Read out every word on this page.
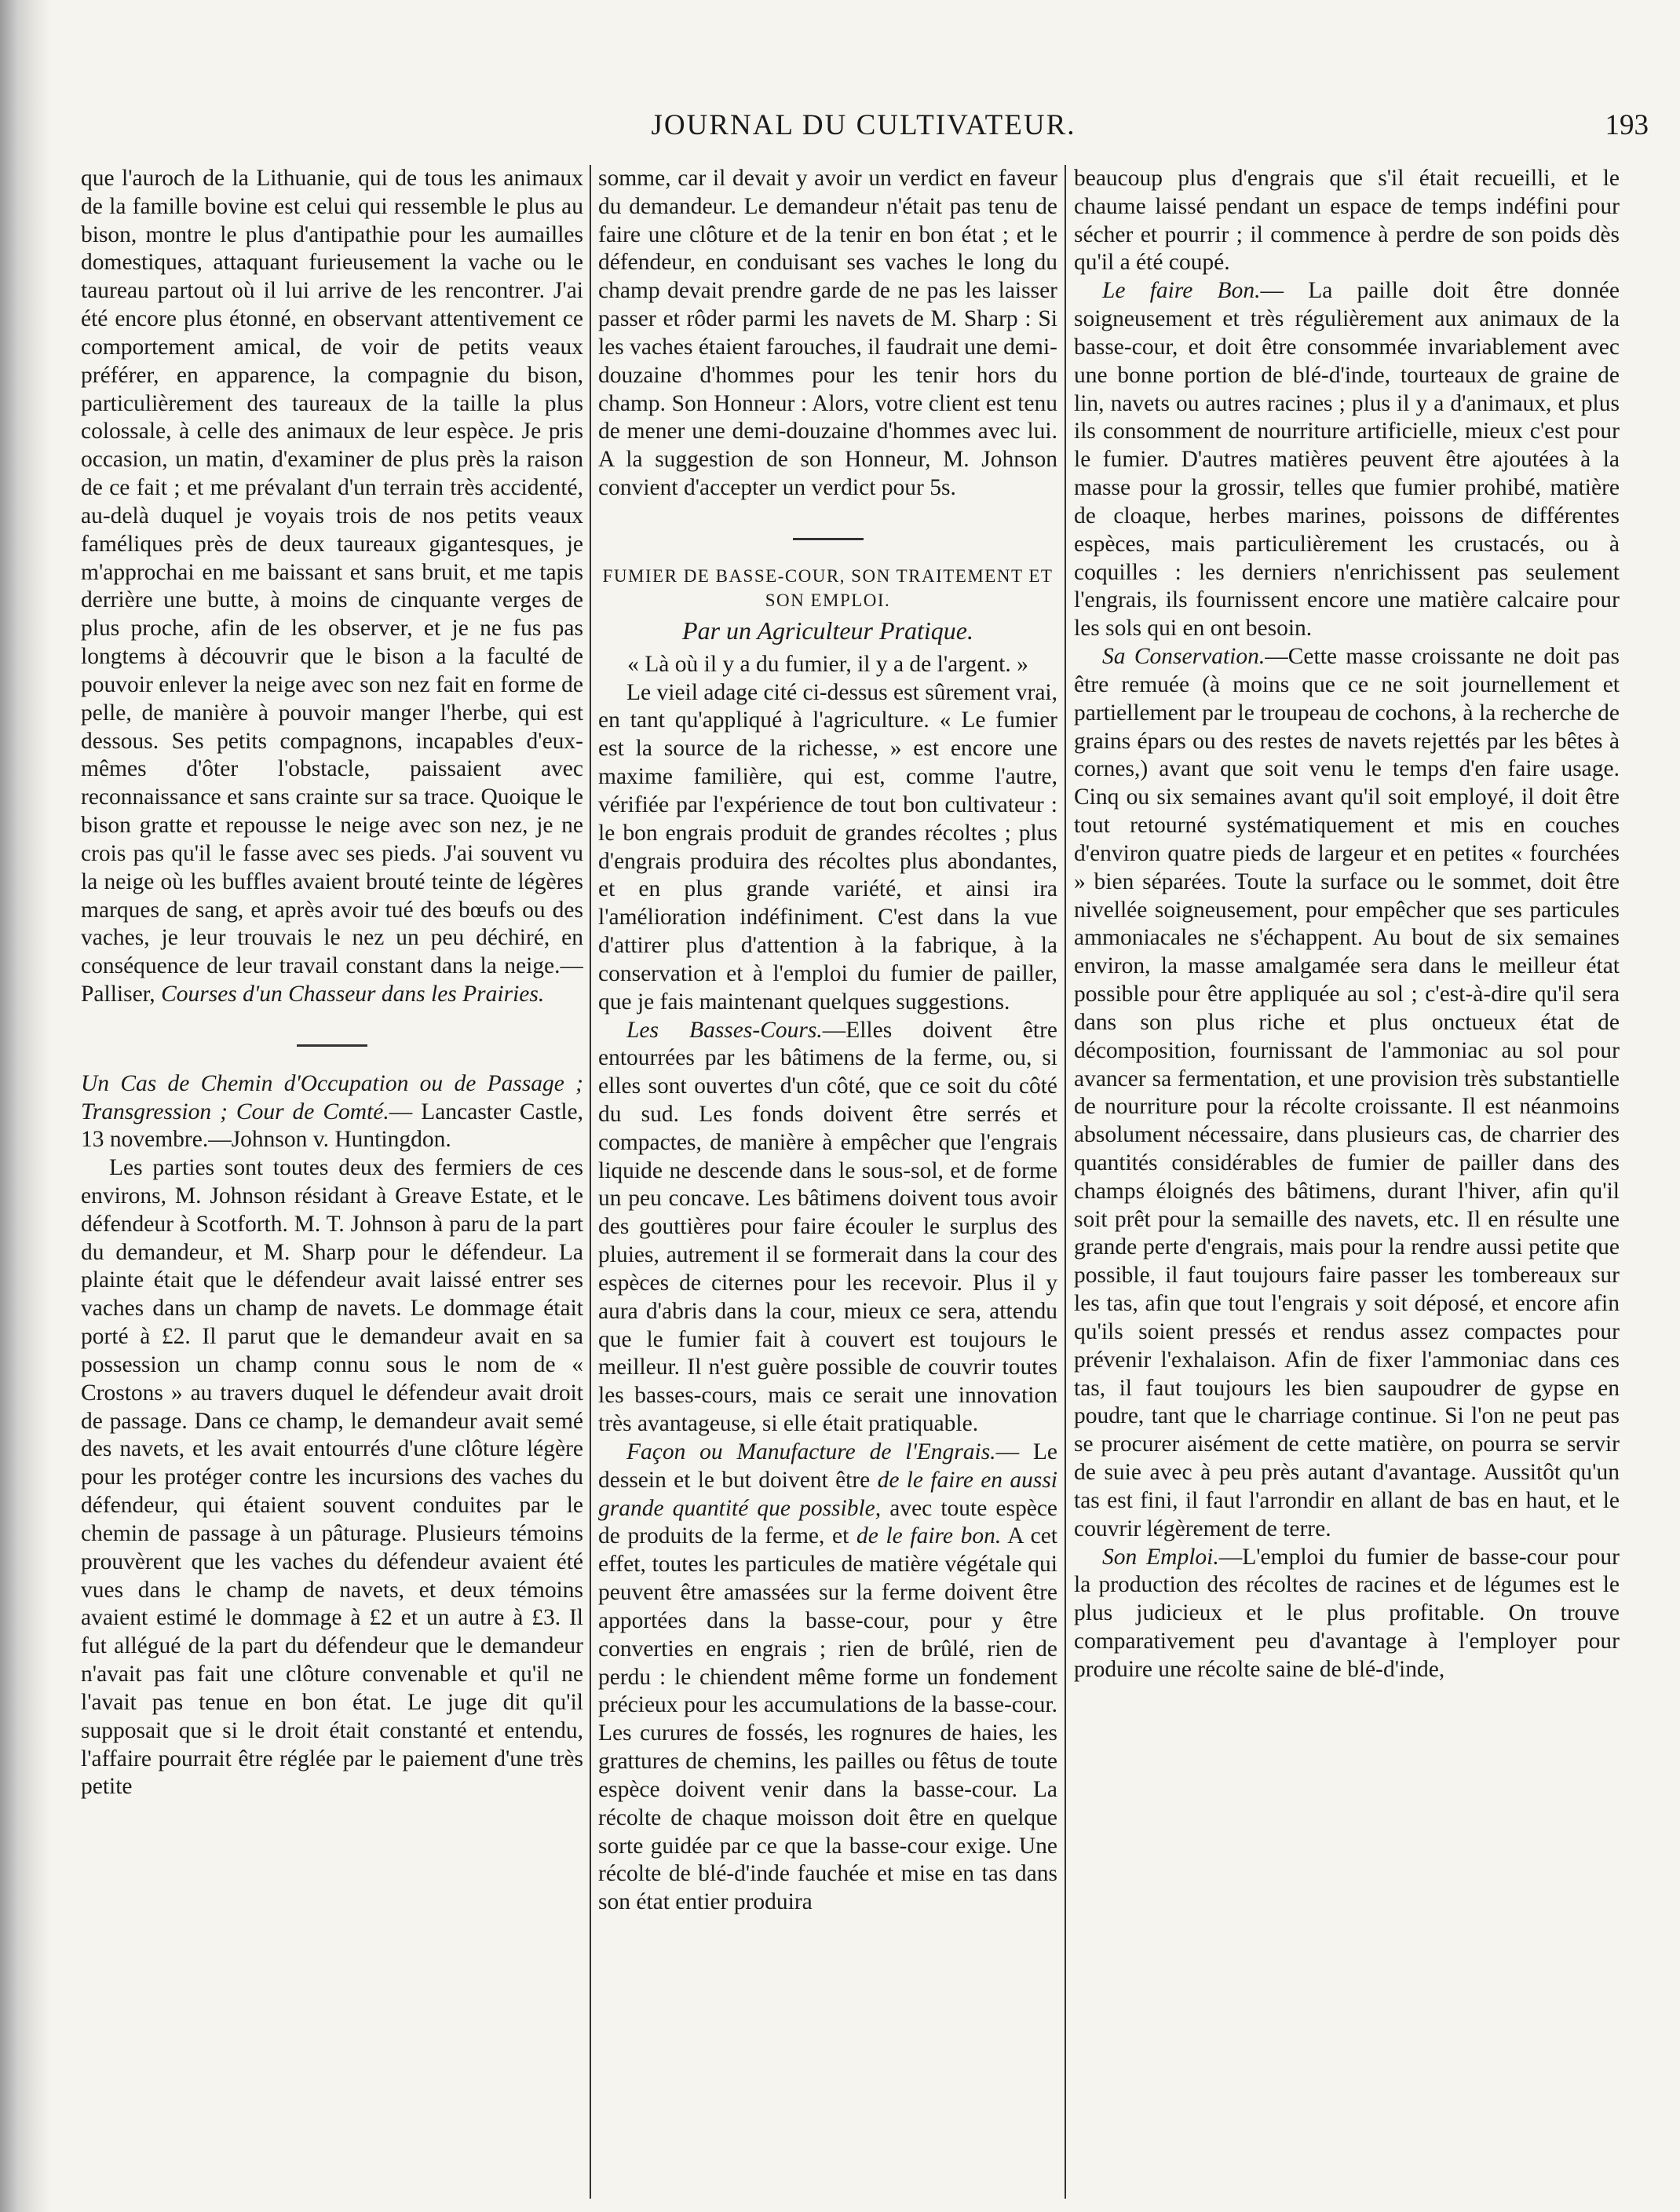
JOURNAL DU CULTIVATEUR.	193

que l'auroch de la Lithuanie, qui de tous les animaux de la famille bovine est celui qui ressemble le plus au bison, montre le plus d'antipathie pour les aumailles domestiques, attaquant furieusement la vache ou le taureau partout où il lui arrive de les rencontrer. J'ai été encore plus étonné, en observant attentivement ce comportement amical, de voir de petits veaux préférer, en apparence, la compagnie du bison, particulièrement des taureaux de la taille la plus colossale, à celle des animaux de leur espèce. Je pris occasion, un matin, d'examiner de plus près la raison de ce fait ; et me prévalant d'un terrain très accidenté, au-delà duquel je voyais trois de nos petits veaux faméliques près de deux taureaux gigantesques, je m'approchai en me baissant et sans bruit, et me tapis derrière une butte, à moins de cinquante verges de plus proche, afin de les observer, et je ne fus pas longtems à découvrir que le bison a la faculté de pouvoir enlever la neige avec son nez fait en forme de pelle, de manière à pouvoir manger l'herbe, qui est dessous. Ses petits compagnons, incapables d'eux-mêmes d'ôter l'obstacle, paissaient avec reconnaissance et sans crainte sur sa trace. Quoique le bison gratte et repousse le neige avec son nez, je ne crois pas qu'il le fasse avec ses pieds. J'ai souvent vu la neige où les buffles avaient brouté teinte de légères marques de sang, et après avoir tué des bœufs ou des vaches, je leur trouvais le nez un peu déchiré, en conséquence de leur travail constant dans la neige.— Palliser, Courses d'un Chasseur dans les Prairies.

Un Cas de Chemin d'Occupation ou de Passage ; Transgression ; Cour de Comté.— Lancaster Castle, 13 novembre.—Johnson v. Huntingdon.

Les parties sont toutes deux des fermiers de ces environs, M. Johnson résidant à Greave Estate, et le défendeur à Scotforth. M. T. Johnson à paru de la part du demandeur, et M. Sharp pour le défendeur. La plainte était que le défendeur avait laissé entrer ses vaches dans un champ de navets. Le dommage était porté à £2. Il parut que le demandeur avait en sa possession un champ connu sous le nom de « Crostons » au travers duquel le défendeur avait droit de passage. Dans ce champ, le demandeur avait semé des navets, et les avait entourrés d'une clôture légère pour les protéger contre les incursions des vaches du défendeur, qui étaient souvent conduites par le chemin de passage à un pâturage. Plusieurs témoins prouvèrent que les vaches du défendeur avaient été vues dans le champ de navets, et deux témoins avaient estimé le dommage à £2 et un autre à £3. Il fut allégué de la part du défendeur que le demandeur n'avait pas fait une clôture convenable et qu'il ne l'avait pas tenue en bon état. Le juge dit qu'il supposait que si le droit était constanté et entendu, l'affaire pourrait être réglée par le paiement d'une très petite

somme, car il devait y avoir un verdict en faveur du demandeur. Le demandeur n'était pas tenu de faire une clôture et de la tenir en bon état ; et le défendeur, en conduisant ses vaches le long du champ devait prendre garde de ne pas les laisser passer et rôder parmi les navets de M. Sharp : Si les vaches étaient farouches, il faudrait une demi-douzaine d'hommes pour les tenir hors du champ. Son Honneur : Alors, votre client est tenu de mener une demi-douzaine d'hommes avec lui. A la suggestion de son Honneur, M. Johnson convient d'accepter un verdict pour 5s.

FUMIER DE BASSE-COUR, SON TRAITEMENT ET SON EMPLOI.
Par un Agriculteur Pratique.
« Là où il y a du fumier, il y a de l'argent. »

Le vieil adage cité ci-dessus est sûrement vrai, en tant qu'appliqué à l'agriculture. « Le fumier est la source de la richesse, » est encore une maxime familière, qui est, comme l'autre, vérifiée par l'expérience de tout bon cultivateur : le bon engrais produit de grandes récoltes ; plus d'engrais produira des récoltes plus abondantes, et en plus grande variété, et ainsi ira l'amélioration indéfiniment. C'est dans la vue d'attirer plus d'attention à la fabrique, à la conservation et à l'emploi du fumier de pailler, que je fais maintenant quelques suggestions.

Les Basses-Cours.—Elles doivent être entourrées par les bâtimens de la ferme, ou, si elles sont ouvertes d'un côté, que ce soit du côté du sud. Les fonds doivent être serrés et compactes, de manière à empêcher que l'engrais liquide ne descende dans le sous-sol, et de forme un peu concave. Les bâtimens doivent tous avoir des gouttières pour faire écouler le surplus des pluies, autrement il se formerait dans la cour des espèces de citernes pour les recevoir. Plus il y aura d'abris dans la cour, mieux ce sera, attendu que le fumier fait à couvert est toujours le meilleur. Il n'est guère possible de couvrir toutes les basses-cours, mais ce serait une innovation très avantageuse, si elle était pratiquable.

Façon ou Manufacture de l'Engrais.— Le dessein et le but doivent être de le faire en aussi grande quantité que possible, avec toute espèce de produits de la ferme, et de le faire bon. A cet effet, toutes les particules de matière végétale qui peuvent être amassées sur la ferme doivent être apportées dans la basse-cour, pour y être converties en engrais ; rien de brûlé, rien de perdu : le chiendent même forme un fondement précieux pour les accumulations de la basse-cour. Les curures de fossés, les rognures de haies, les grattures de chemins, les pailles ou fêtus de toute espèce doivent venir dans la basse-cour. La récolte de chaque moisson doit être en quelque sorte guidée par ce que la basse-cour exige. Une récolte de blé-d'inde fauchée et mise en tas dans son état entier produira

beaucoup plus d'engrais que s'il était recueilli, et le chaume laissé pendant un espace de temps indéfini pour sécher et pourrir ; il commence à perdre de son poids dès qu'il a été coupé.

Le faire Bon.— La paille doit être donnée soigneusement et très régulièrement aux animaux de la basse-cour, et doit être consommée invariablement avec une bonne portion de blé-d'inde, tourteaux de graine de lin, navets ou autres racines ; plus il y a d'animaux, et plus ils consomment de nourriture artificielle, mieux c'est pour le fumier. D'autres matières peuvent être ajoutées à la masse pour la grossir, telles que fumier prohibé, matière de cloaque, herbes marines, poissons de différentes espèces, mais particulièrement les crustacés, ou à coquilles : les derniers n'enrichissent pas seulement l'engrais, ils fournissent encore une matière calcaire pour les sols qui en ont besoin.

Sa Conservation.—Cette masse croissante ne doit pas être remuée (à moins que ce ne soit journellement et partiellement par le troupeau de cochons, à la recherche de grains épars ou des restes de navets rejettés par les bêtes à cornes,) avant que soit venu le temps d'en faire usage. Cinq ou six semaines avant qu'il soit employé, il doit être tout retourné systématiquement et mis en couches d'environ quatre pieds de largeur et en petites « fourchées » bien séparées. Toute la surface ou le sommet, doit être nivellée soigneusement, pour empêcher que ses particules ammoniacales ne s'échappent. Au bout de six semaines environ, la masse amalgamée sera dans le meilleur état possible pour être appliquée au sol ; c'est-à-dire qu'il sera dans son plus riche et plus onctueux état de décomposition, fournissant de l'ammoniac au sol pour avancer sa fermentation, et une provision très substantielle de nourriture pour la récolte croissante. Il est néanmoins absolument nécessaire, dans plusieurs cas, de charrier des quantités considérables de fumier de pailler dans des champs éloignés des bâtimens, durant l'hiver, afin qu'il soit prêt pour la semaille des navets, etc. Il en résulte une grande perte d'engrais, mais pour la rendre aussi petite que possible, il faut toujours faire passer les tombereaux sur les tas, afin que tout l'engrais y soit déposé, et encore afin qu'ils soient pressés et rendus assez compactes pour prévenir l'exhalaison. Afin de fixer l'ammoniac dans ces tas, il faut toujours les bien saupoudrer de gypse en poudre, tant que le charriage continue. Si l'on ne peut pas se procurer aisément de cette matière, on pourra se servir de suie avec à peu près autant d'avantage. Aussitôt qu'un tas est fini, il faut l'arrondir en allant de bas en haut, et le couvrir légèrement de terre.

Son Emploi.—L'emploi du fumier de basse-cour pour la production des récoltes de racines et de légumes est le plus judicieux et le plus profitable. On trouve comparativement peu d'avantage à l'employer pour produire une récolte saine de blé-d'inde,
